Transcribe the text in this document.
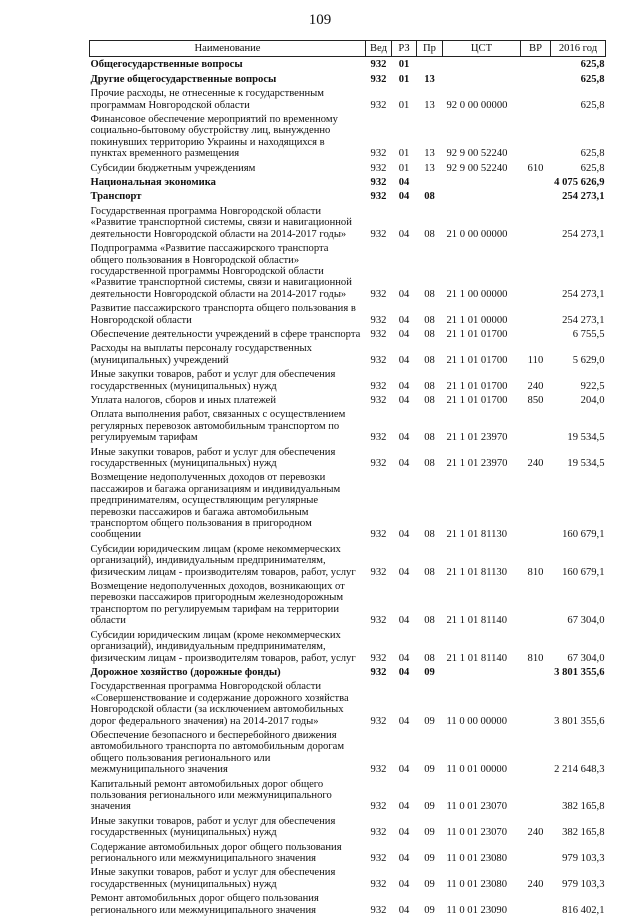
109
Наименование	Вед	РЗ	Пр	ЦСТ	ВР	2016 год
Общегосударственные вопросы	932	01				625,8
Другие общегосударственные вопросы	932	01	13			625,8
Прочие расходы, не отнесенные к государственным программам Новгородской области	932	01	13	92 0 00 00000		625,8
Финансовое обеспечение мероприятий по временному социально-бытовому обустройству лиц, вынужденно покинувших территорию Украины и находящихся в пунктах временного размещения	932	01	13	92 9 00 52240		625,8
Субсидии бюджетным учреждениям	932	01	13	92 9 00 52240	610	625,8
Национальная экономика	932	04				4 075 626,9
Транспорт	932	04	08			254 273,1
Государственная программа Новгородской области «Развитие транспортной системы, связи и навигационной деятельности Новгородской области на 2014-2017 годы»	932	04	08	21 0 00 00000		254 273,1
Подпрограмма «Развитие пассажирского транспорта общего пользования в Новгородской области» государственной программы Новгородской области «Развитие транспортной системы, связи и навигационной деятельности Новгородской области на 2014-2017 годы»	932	04	08	21 1 00 00000		254 273,1
Развитие пассажирского транспорта общего пользования в Новгородской области	932	04	08	21 1 01 00000		254 273,1
Обеспечение деятельности учреждений в сфере транспорта	932	04	08	21 1 01 01700		6 755,5
Расходы на выплаты персоналу государственных (муниципальных) учреждений	932	04	08	21 1 01 01700	110	5 629,0
Иные закупки товаров, работ и услуг для обеспечения государственных (муниципальных) нужд	932	04	08	21 1 01 01700	240	922,5
Уплата налогов, сборов и иных платежей	932	04	08	21 1 01 01700	850	204,0
Оплата выполнения работ, связанных с осуществлением регулярных перевозок автомобильным транспортом по регулируемым тарифам	932	04	08	21 1 01 23970		19 534,5
Иные закупки товаров, работ и услуг для обеспечения государственных (муниципальных) нужд	932	04	08	21 1 01 23970	240	19 534,5
Возмещение недополученных доходов от перевозки пассажиров и багажа организациям и индивидуальным предпринимателям, осуществляющим регулярные перевозки пассажиров и багажа автомобильным транспортом общего пользования в пригородном сообщении	932	04	08	21 1 01 81130		160 679,1
Субсидии юридическим лицам (кроме некоммерческих организаций), индивидуальным предпринимателям, физическим лицам - производителям товаров, работ, услуг	932	04	08	21 1 01 81130	810	160 679,1
Возмещение недополученных доходов, возникающих от перевозки пассажиров пригородным железнодорожным транспортом по регулируемым тарифам на территории области	932	04	08	21 1 01 81140		67 304,0
Субсидии юридическим лицам (кроме некоммерческих организаций), индивидуальным предпринимателям, физическим лицам - производителям товаров, работ, услуг	932	04	08	21 1 01 81140	810	67 304,0
Дорожное хозяйство (дорожные фонды)	932	04	09			3 801 355,6
Государственная программа Новгородской области «Совершенствование и содержание дорожного хозяйства Новгородской области (за исключением автомобильных дорог федерального значения) на 2014-2017 годы»	932	04	09	11 0 00 00000		3 801 355,6
Обеспечение безопасного и бесперебойного движения автомобильного транспорта по автомобильным дорогам общего пользования регионального или межмуниципального значения	932	04	09	11 0 01 00000		2 214 648,3
Капитальный ремонт автомобильных дорог общего пользования регионального или межмуниципального значения	932	04	09	11 0 01 23070		382 165,8
Иные закупки товаров, работ и услуг для обеспечения государственных (муниципальных) нужд	932	04	09	11 0 01 23070	240	382 165,8
Содержание автомобильных дорог общего пользования регионального или межмуниципального значения	932	04	09	11 0 01 23080		979 103,3
Иные закупки товаров, работ и услуг для обеспечения государственных (муниципальных) нужд	932	04	09	11 0 01 23080	240	979 103,3
Ремонт автомобильных дорог общего пользования регионального или межмуниципального значения	932	04	09	11 0 01 23090		816 402,1
